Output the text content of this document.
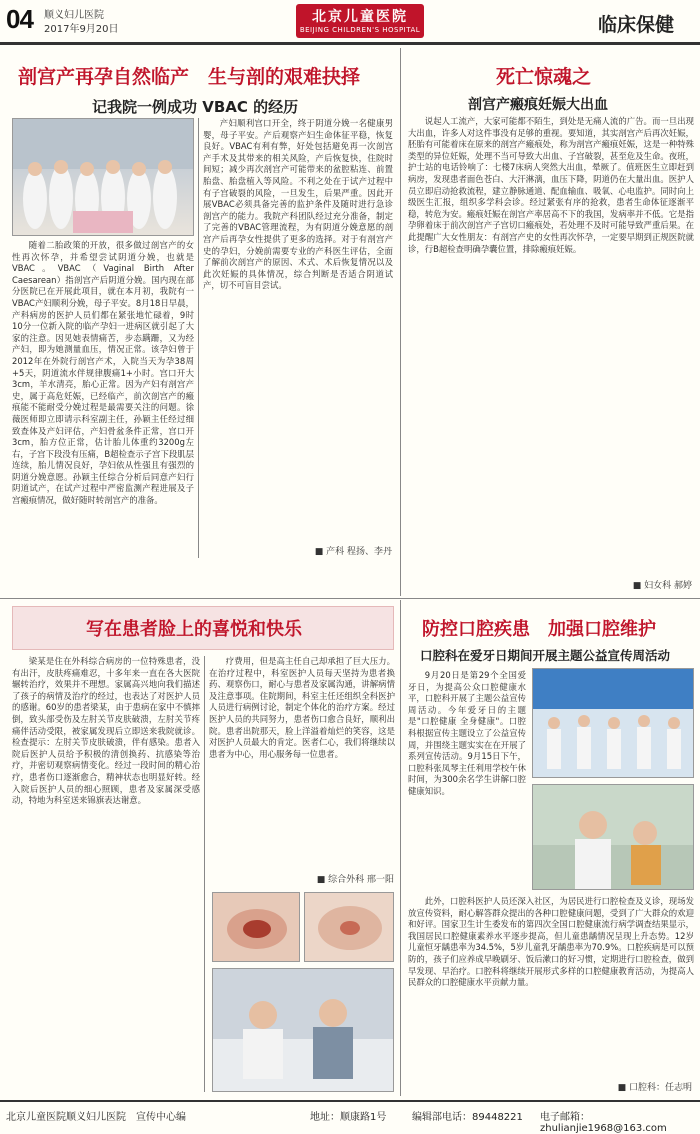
04 顺义妇儿医院
2017年9月20日
北京儿童医院
BEIJING CHILDREN'S HOSPITAL	临床保健
剖宫产再孕自然临产　生与剖的艰难抉择
记我院一例成功 VBAC 的经历
随着二胎政策的开放，很多做过剖宫产的女性再次怀孕，并希望尝试阴道分娩，也就是VBAC。VBAC（Vaginal Birth After Caesarean）指剖宫产后阴道分娩。国内现在部分医院已在开展此项目，就在本月初，我院有一VBAC产妇顺利分娩，母子平安。8月18日早晨，产科病房的医护人员们都在紧张地忙碌着，9时10分一位新入院的临产孕妇一进病区就引起了大家的注意。因见她表情痛苦，步态蹒跚，又为经产妇，即为她测量血压，情况正常。该孕妇曾于2012年在外院行剖宫产术，入院当天为孕38周+5天，阴道流水伴规律腹痛1+小时。宫口开大3cm，羊水清亮，胎心正常。因为产妇有剖宫产史，属于高危妊娠，已经临产，前次剖宫产的瘢痕能不能耐受分娩过程是最需要关注的问题。徐薇医师即立即请示科室副主任，孙颖主任经过细致查体及产妇评估，产妇骨盆条件正常，宫口开3cm，胎方位正常，估计胎儿体重约3200g左右，子宫下段没有压痛，B超检查示子宫下段肌层连续，胎儿情况良好，孕妇依从性强且有强烈的阴道分娩意愿。孙颖主任综合分析后同意产妇行阴道试产，在试产过程中严密监测产程进展及子宫瘢痕情况，做好随时转剖宫产的准备。
产妇顺利宫口开全，终于阴道分娩一名健康男婴，母子平安。产后观察产妇生命体征平稳，恢复良好。VBAC有利有弊，好处包括避免再一次剖宫产手术及其带来的相关风险，产后恢复快，住院时间短；减少再次剖宫产可能带来的盆腔粘连、前置胎盘、胎盘植入等风险。不利之处在于试产过程中有子宫破裂的风险，一旦发生，后果严重。因此开展VBAC必须具备完善的监护条件及随时进行急诊剖宫产的能力。我院产科团队经过充分准备，制定了完善的VBAC管理流程，为有阴道分娩意愿的剖宫产后再孕女性提供了更多的选择。对于有剖宫产史的孕妇，分娩前需要专业的产科医生评估，全面了解前次剖宫产的原因、术式、术后恢复情况以及此次妊娠的具体情况，综合判断是否适合阴道试产，切不可盲目尝试。
■ 产科 程扬、李丹
死亡惊魂之
剖宫产瘢痕妊娠大出血
说起人工流产，大家可能都不陌生，到处是无痛人流的广告。而一旦出现大出血，许多人对这件事没有足够的重视。要知道，其实剖宫产后再次妊娠，胚胎有可能着床在原来的剖宫产瘢痕处，称为剖宫产瘢痕妊娠，这是一种特殊类型的异位妊娠，处理不当可导致大出血、子宫破裂，甚至危及生命。夜班，护士站的电话铃响了：七楼7床病人突然大出血，晕厥了。值班医生立即赶到病房，发现患者面色苍白、大汗淋漓，血压下降，阴道仍在大量出血。医护人员立即启动抢救流程，建立静脉通道、配血输血、吸氧、心电监护。同时向上级医生汇报，组织多学科会诊。经过紧张有序的抢救，患者生命体征逐渐平稳，转危为安。瘢痕妊娠在剖宫产率居高不下的我国，发病率并不低。它是指孕卵着床于前次剖宫产子宫切口瘢痕处，若处理不及时可能导致严重后果。在此提醒广大女性朋友：有剖宫产史的女性再次怀孕，一定要早期到正规医院就诊，行B超检查明确孕囊位置，排除瘢痕妊娠。
■ 妇女科 郝婷
写在患者脸上的喜悦和快乐
梁某是住在外科综合病房的一位特殊患者，没有出汗，皮肤疼痛难忍，十多年来一直在各大医院辗转治疗，效果并不理想。家属高兴地向我们描述了孩子的病情及治疗的经过，也表达了对医护人员的感谢。60岁的患者梁某，由于患病在家中不慎摔倒，致头部受伤及左肘关节皮肤破溃，左肘关节疼痛伴活动受限，被家属发现后立即送来我院就诊。检查提示：左肘关节皮肤破溃，伴有感染。患者入院后医护人员给予积极的清创换药、抗感染等治疗，并密切观察病情变化。经过一段时间的精心治疗，患者伤口逐渐愈合，精神状态也明显好转。经入院后医护人员的细心照顾，患者及家属深受感动，特地为科室送来锦旗表达谢意。
疗费用，但是高主任自己却承担了巨大压力。在治疗过程中，科室医护人员每天坚持为患者换药、观察伤口，耐心与患者及家属沟通，讲解病情及注意事项。住院期间，科室主任还组织全科医护人员进行病例讨论，制定个体化的治疗方案。经过医护人员的共同努力，患者伤口愈合良好，顺利出院。患者出院那天，脸上洋溢着灿烂的笑容，这是对医护人员最大的肯定。医者仁心，我们将继续以患者为中心，用心服务每一位患者。
■ 综合外科 邢一阳
防控口腔疾患　加强口腔维护
口腔科在爱牙日期间开展主题公益宣传周活动
9月20日是第29个全国爱牙日，为提高公众口腔健康水平，口腔科开展了主题公益宣传周活动。今年爱牙日的主题是"口腔健康 全身健康"。口腔科根据宣传主题设立了公益宣传周，并围绕主题实实在在开展了系列宣传活动。9月15日下午，口腔科张凤琴主任利用学校午休时间，为300余名学生讲解口腔健康知识。
此外，口腔科医护人员还深入社区，为居民进行口腔检查及义诊，现场发放宣传资料，耐心解答群众提出的各种口腔健康问题，受到了广大群众的欢迎和好评。国家卫生计生委发布的第四次全国口腔健康流行病学调查结果显示，我国居民口腔健康素养水平逐步提高，但儿童患龋情况呈现上升态势。12岁儿童恒牙龋患率为34.5%，5岁儿童乳牙龋患率为70.9%。口腔疾病是可以预防的，孩子们应养成早晚刷牙、饭后漱口的好习惯，定期进行口腔检查，做到早发现、早治疗。口腔科将继续开展形式多样的口腔健康教育活动，为提高人民群众的口腔健康水平贡献力量。
■ 口腔科：任志明
北京儿童医院顺义妇儿医院　宣传中心编	地址：顺康路1号	编辑部电话：89448221 电子邮箱：zhulianjie1968@163.com
